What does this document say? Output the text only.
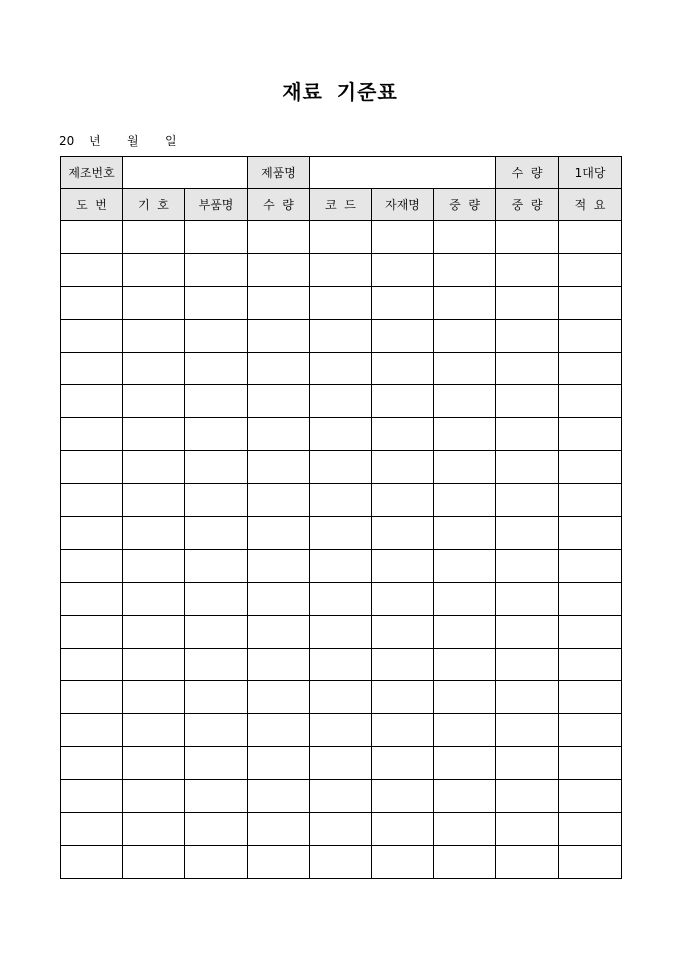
재료 기준표
20 년 월 일
제조번호			제품명				수  량	1대당
도  번	기  호	부품명	수  량	코  드	자재명	중  량	중  량	적  요
